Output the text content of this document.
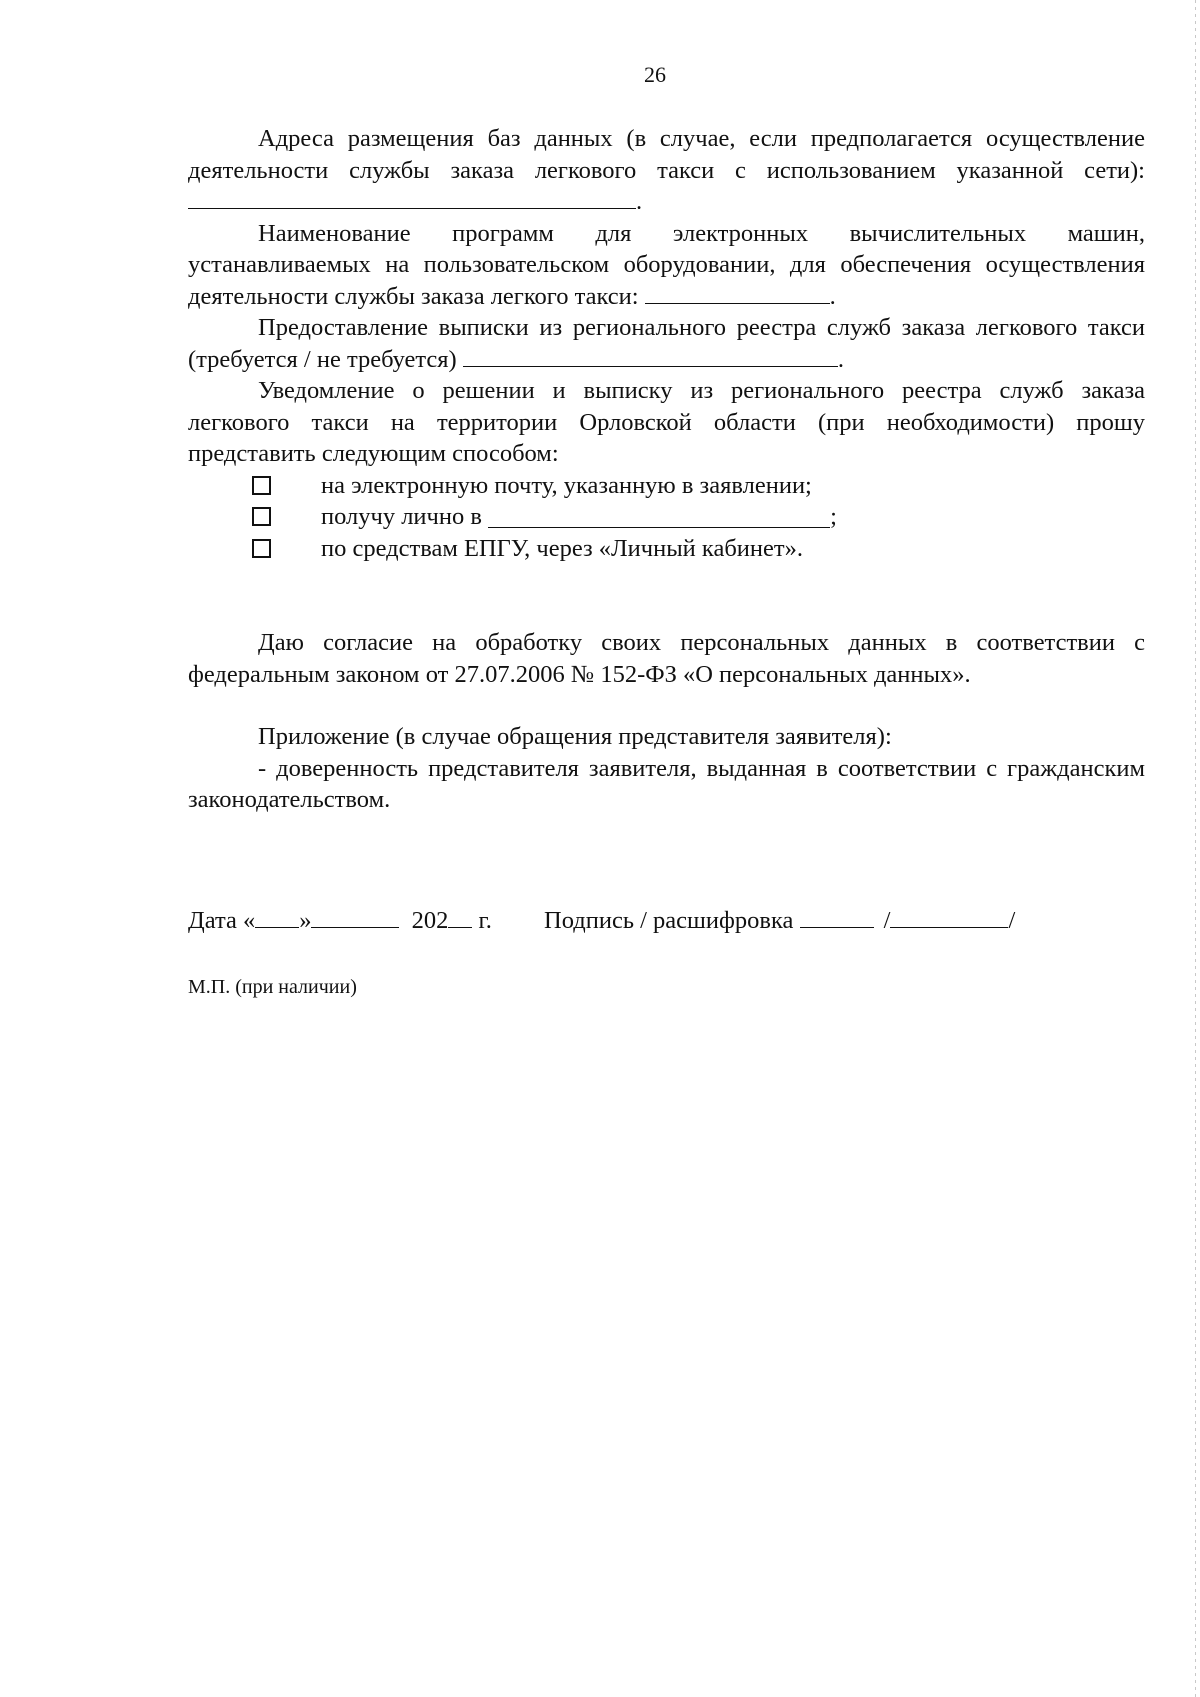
26

Адреса размещения баз данных (в случае, если предполагается осуществление деятельности службы заказа легкового такси с использованием указанной сети): .

Наименование программ для электронных вычислительных машин, устанавливаемых на пользовательском оборудовании, для обеспечения осуществления деятельности службы заказа легкого такси:	.

Предоставление выписки из регионального реестра служб заказа легкового такси (требуется / не требуется)	.

Уведомление о решении и выписку из регионального реестра служб заказа легкового такси на территории Орловской области (при необходимости) прошу представить следующим способом:

на электронную почту, указанную в заявлении;
получу лично в
	;
по средствам ЕПГУ, через «Личный кабинет».

Даю согласие на обработку своих персональных данных в соответствии с федеральным законом от 27.07.2006 № 152-ФЗ «О персональных данных».

Приложение (в случае обращения представителя заявителя):

- доверенность представителя заявителя, выданная в соответствии с гражданским законодательством.

Дата « »	202 г. Подпись / расшифровка	/	/
М.П. (при наличии)
